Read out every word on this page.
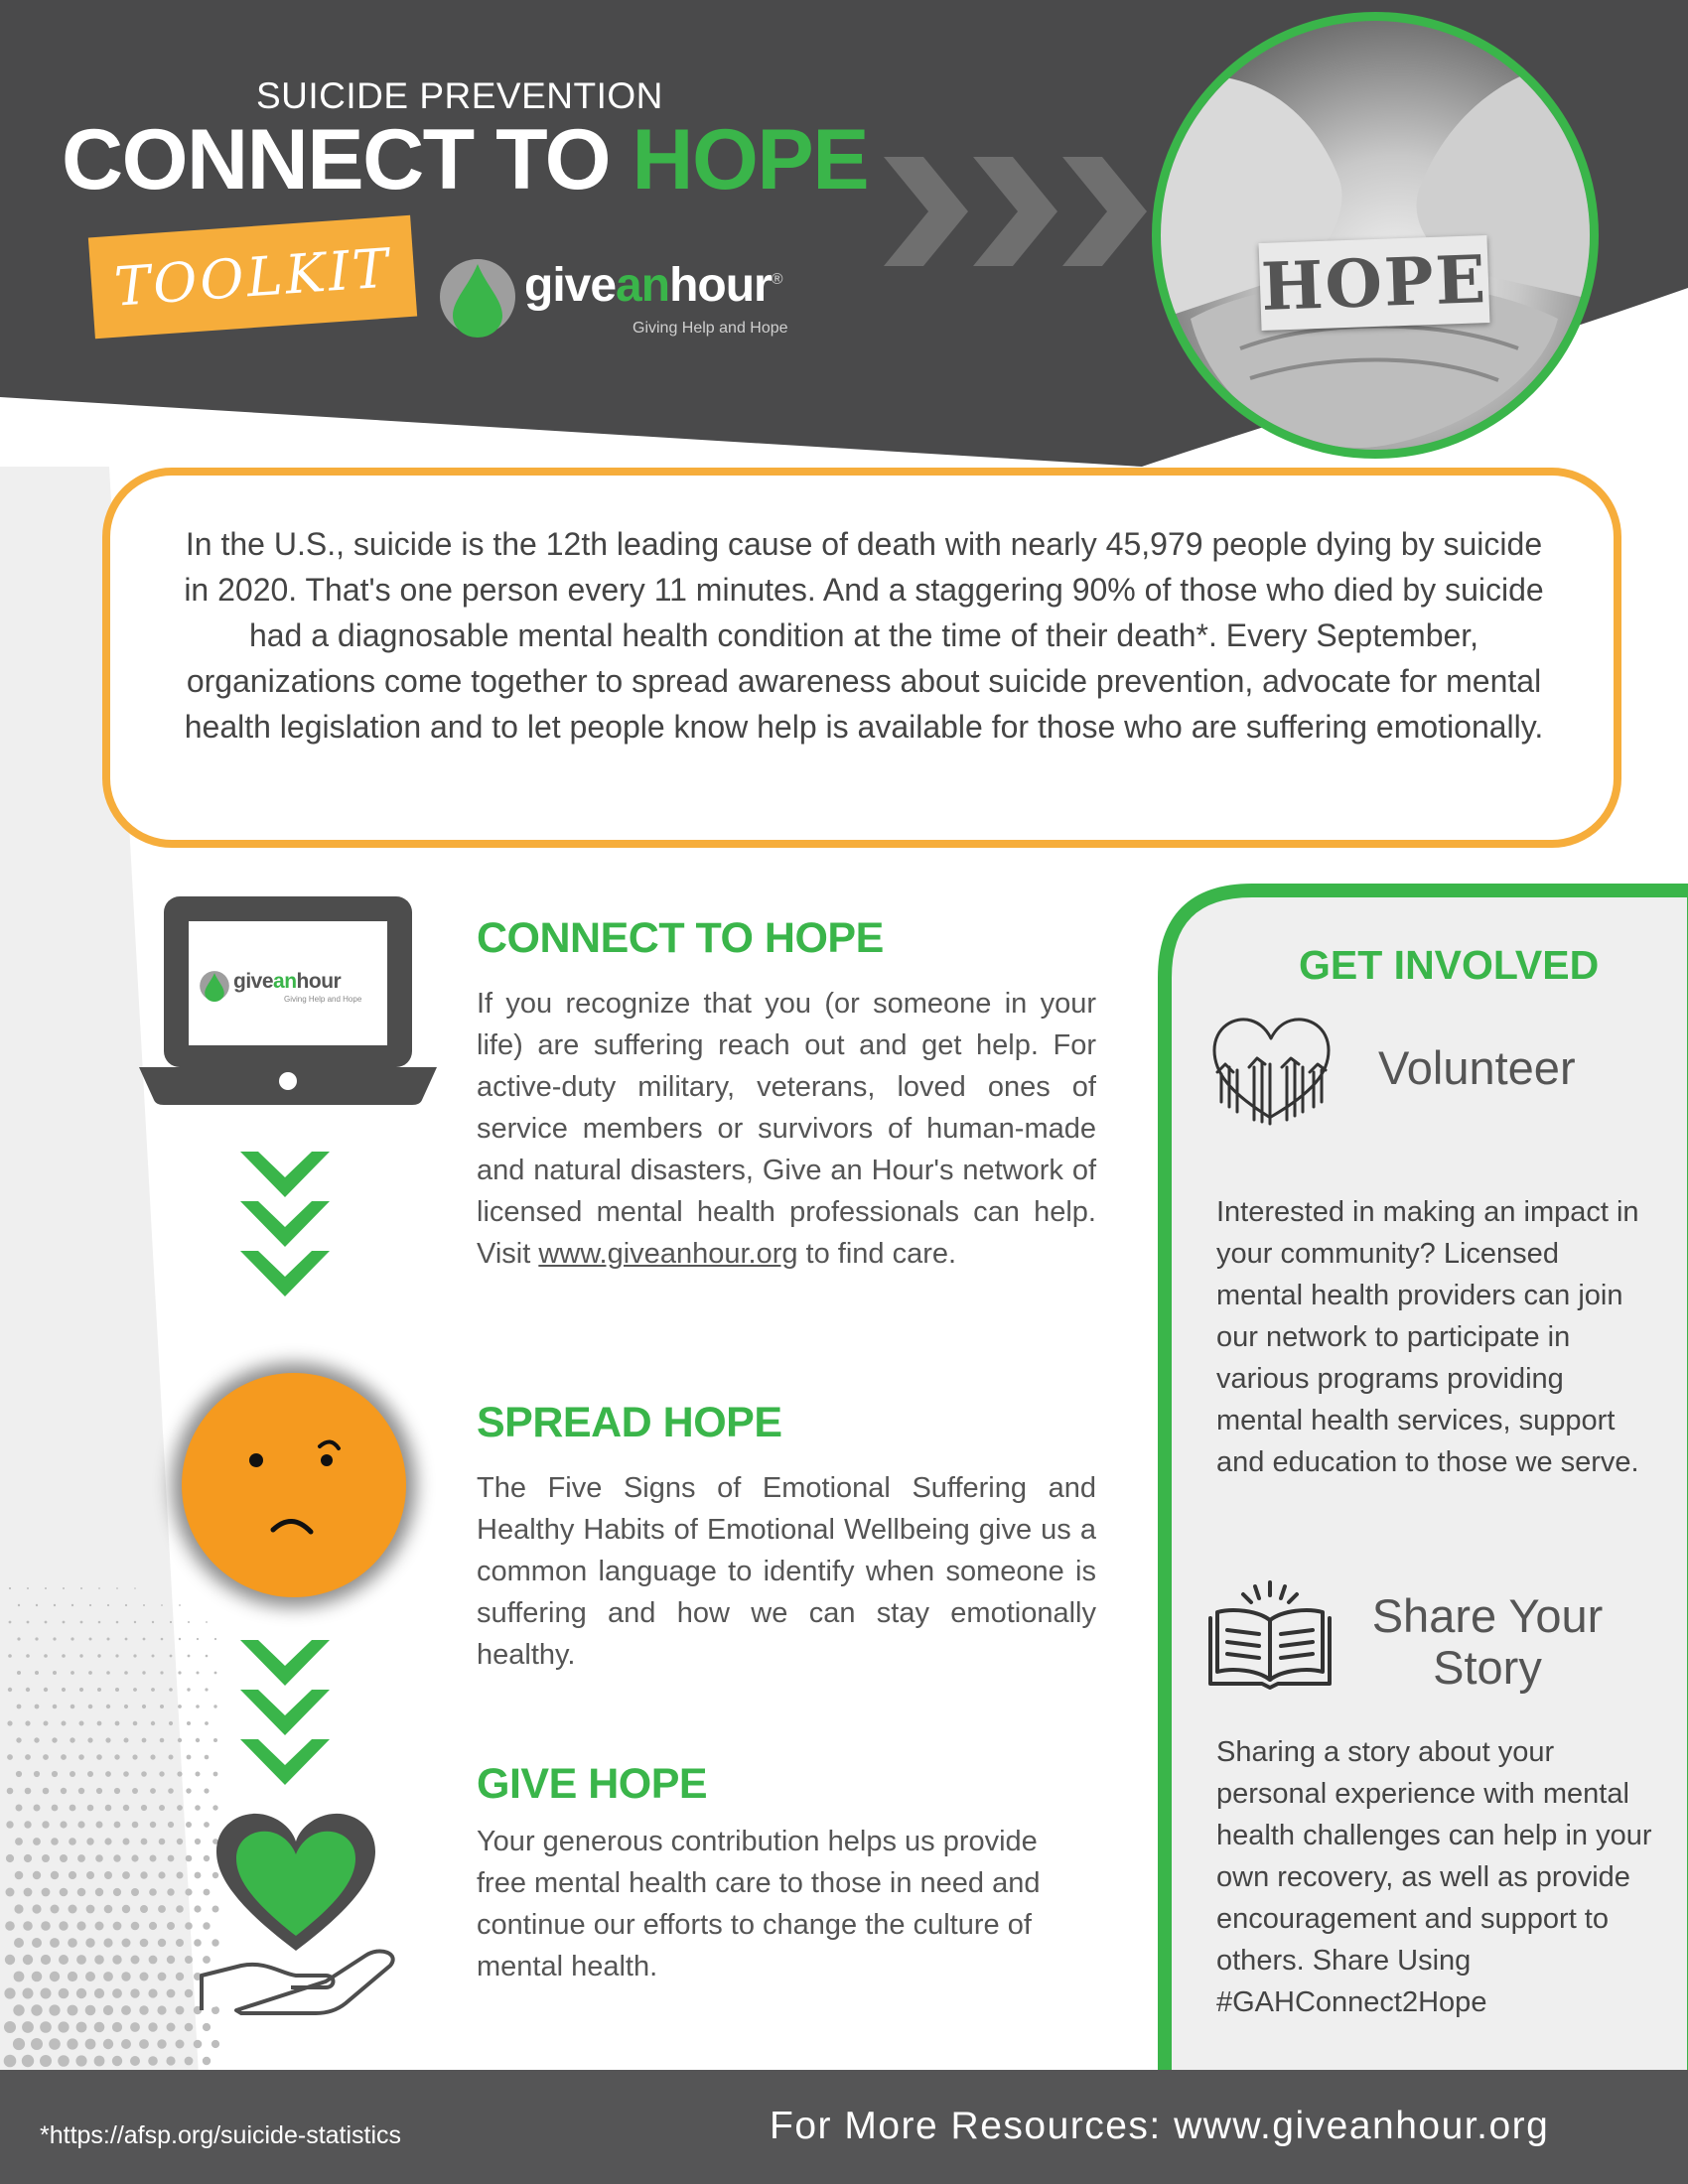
SUICIDE PREVENTION
CONNECT TO HOPE
TOOLKIT	giveanhour®
Giving Help and Hope
HOPE
In the U.S., suicide is the 12th leading cause of death with nearly 45,979 people dying by suicide in 2020. That's one person every 11 minutes. And a staggering 90% of those who died by suicide had a diagnosable mental health condition at the time of their death*. Every September, organizations come together to spread awareness about suicide prevention, advocate for mental health legislation and to let people know help is available for those who are suffering emotionally.
giveanhour
Giving Help and Hope
CONNECT TO HOPE
If you recognize that you (or someone in your life) are suffering reach out and get help. For active-duty military, veterans, loved ones of service members or survivors of human-made and natural disasters, Give an Hour's network of licensed mental health professionals can help. Visit www.giveanhour.org to find care.
SPREAD HOPE
The Five Signs of Emotional Suffering and Healthy Habits of Emotional Wellbeing give us a common language to identify when someone is suffering and how we can stay emotionally healthy.
GIVE HOPE
Your generous contribution helps us provide free mental health care to those in need and continue our efforts to change the culture of mental health.
GET INVOLVED
Volunteer
Interested in making an impact in your community? Licensed mental health providers can join our network to participate in various programs providing mental health services, support and education to those we serve.
Share Your Story
Sharing a story about your personal experience with mental health challenges can help in your own recovery, as well as provide encouragement and support to others. Share Using #GAHConnect2Hope
*https://afsp.org/suicide-statistics	For More Resources: www.giveanhour.org
